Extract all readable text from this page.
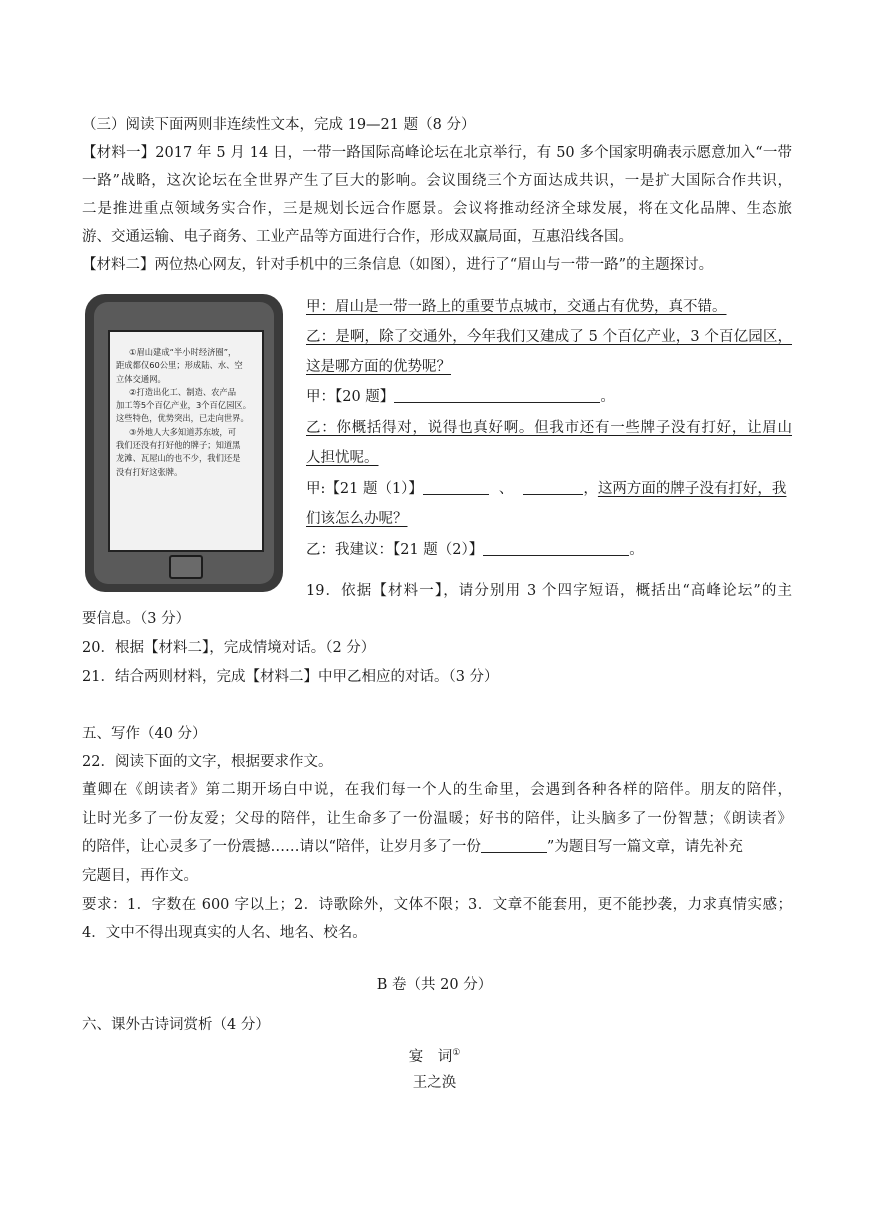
（三）阅读下面两则非连续性文本，完成 19—21 题（8 分）
【材料一】2017 年 5 月 14 日，一带一路国际高峰论坛在北京举行，有 50 多个国家明确表示愿意加入“一带
一路”战略，这次论坛在全世界产生了巨大的影响。会议围绕三个方面达成共识，一是扩大国际合作共识，
二是推进重点领域务实合作，三是规划长远合作愿景。会议将推动经济全球发展，将在文化品牌、生态旅
游、交通运输、电子商务、工业产品等方面进行合作，形成双赢局面，互惠沿线各国。
【材料二】两位热心网友，针对手机中的三条信息（如图），进行了“眉山与一带一路”的主题探讨。
①眉山建成“半小时经济圈”，
距成都仅60公里；形成陆、水、空
立体交通网。
②打造出化工、制造、农产品
加工等5个百亿产业，3个百亿园区。
这些特色，优势突出，已走向世界。
③外地人大多知道苏东坡，可
我们还没有打好他的牌子；知道黑
龙滩、瓦屋山的也不少，我们还是
没有打好这张牌。
甲：眉山是一带一路上的重要节点城市，交通占有优势，真不错。
乙：是啊，除了交通外，今年我们又建成了 5 个百亿产业，3 个百亿园区，
这是哪方面的优势呢？
甲：【20 题】	。
乙：你概括得对，说得也真好啊。但我市还有一些牌子没有打好，让眉山
人担忧呢。
甲:【21 题（1）】	、	，这两方面的牌子没有打好，我
们该怎么办呢？
乙：我建议：【21 题（2）】	。
19．依据【材料一】，请分别用 3 个四字短语，概括出“高峰论坛”的主
要信息。（3 分）
20．根据【材料二】，完成情境对话。（2 分）
21．结合两则材料，完成【材料二】中甲乙相应的对话。（3 分）
五、写作（40 分）
22．阅读下面的文字，根据要求作文。
董卿在《朗读者》第二期开场白中说，在我们每一个人的生命里，会遇到各种各样的陪伴。朋友的陪伴，
让时光多了一份友爱；父母的陪伴，让生命多了一份温暖；好书的陪伴，让头脑多了一份智慧；《朗读者》
的陪伴，让心灵多了一份震撼……请以“陪伴，让岁月多了一份	”为题目写一篇文章，请先补充
完题目，再作文。
要求：1．字数在 600 字以上；2．诗歌除外，文体不限；3．文章不能套用，更不能抄袭，力求真情实感；
4．文中不得出现真实的人名、地名、校名。
B 卷（共 20 分）
六、课外古诗词赏析（4 分）
宴　词①
王之涣
